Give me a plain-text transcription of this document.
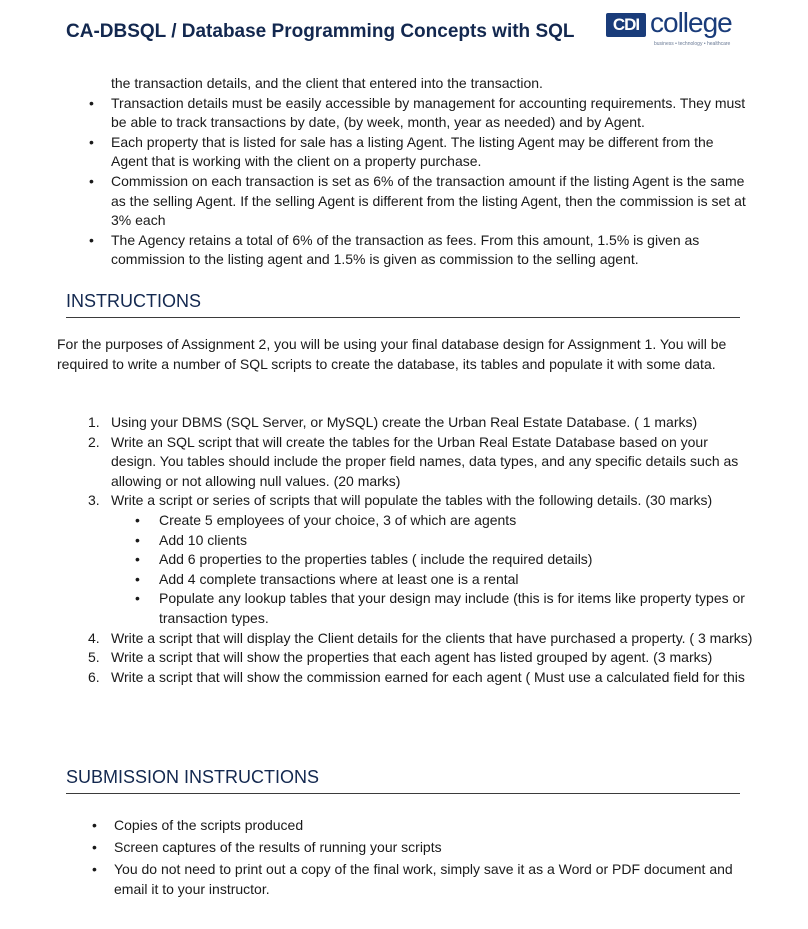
CA-DBSQL / Database Programming Concepts with SQL	CDI college
business • technology • healthcare

the transaction details, and the client that entered into the transaction.

• Transaction details must be easily accessible by management for accounting requirements. They must be able to track transactions by date, (by week, month, year as needed) and by Agent.
• Each property that is listed for sale has a listing Agent. The listing Agent may be different from the Agent that is working with the client on a property purchase.
• Commission on each transaction is set as 6% of the transaction amount if the listing Agent is the same as the selling Agent. If the selling Agent is different from the listing Agent, then the commission is set at 3% each
• The Agency retains a total of 6% of the transaction as fees. From this amount, 1.5% is given as commission to the listing agent and 1.5% is given as commission to the selling agent.
INSTRUCTIONS

For the purposes of Assignment 2, you will be using your final database design for Assignment 1. You will be required to write a number of SQL scripts to create the database, its tables and populate it with some data.

1. Using your DBMS (SQL Server, or MySQL) create the Urban Real Estate Database. ( 1 marks)
2. Write an SQL script that will create the tables for the Urban Real Estate Database based on your design. You tables should include the proper field names, data types, and any specific details such as allowing or not allowing null values. (20 marks)
3. Write a script or series of scripts that will populate the tables with the following details. (30 marks)
• Create 5 employees of your choice, 3 of which are agents
• Add 10 clients
• Add 6 properties to the properties tables ( include the required details)
• Add 4 complete transactions where at least one is a rental
• Populate any lookup tables that your design may include (this is for items like property types or transaction types.
4. Write a script that will display the Client details for the clients that have purchased a property. ( 3 marks)
5. Write a script that will show the properties that each agent has listed grouped by agent. (3 marks)
6. Write a script that will show the commission earned for each agent ( Must use a calculated field for this
SUBMISSION INSTRUCTIONS
• Copies of the scripts produced
• Screen captures of the results of running your scripts
• You do not need to print out a copy of the final work, simply save it as a Word or PDF document and email it to your instructor.
